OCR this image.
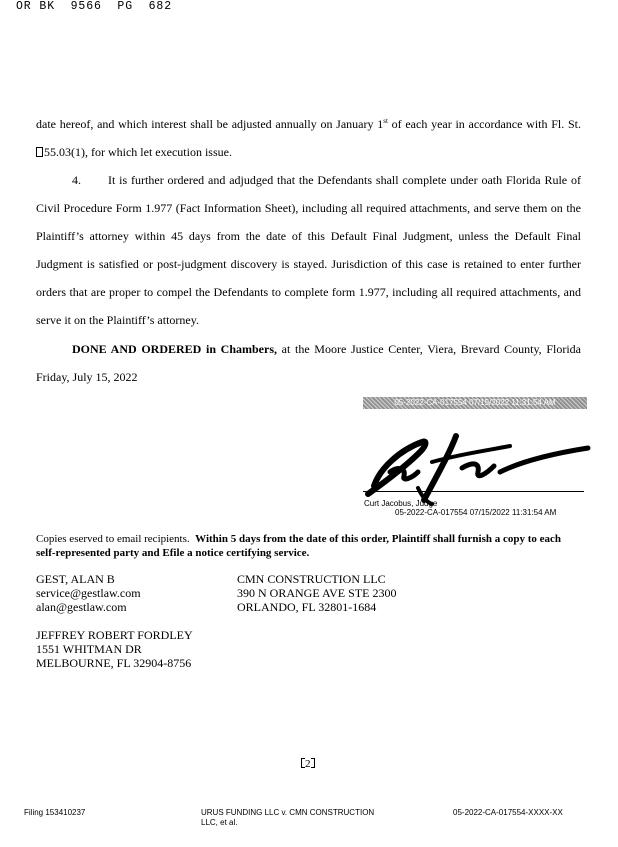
OR BK  9566  PG  682
date hereof, and which interest shall be adjusted annually on January 1st of each year in accordance with Fl. St.
55.03(1), for which let execution issue.
4. It is further ordered and adjudged that the Defendants shall complete under oath Florida Rule of
Civil Procedure Form 1.977 (Fact Information Sheet), including all required attachments, and serve them on the
Plaintiff’s attorney within 45 days from the date of this Default Final Judgment, unless the Default Final
Judgment is satisfied or post-judgment discovery is stayed. Jurisdiction of this case is retained to enter further
orders that are proper to compel the Defendants to complete form 1.977, including all required attachments, and
serve it on the Plaintiff’s attorney.
DONE AND ORDERED in Chambers, at the Moore Justice Center, Viera, Brevard County, Florida
Friday, July 15, 2022
05-2022-CA-017554 07/15/2022 11:31:54 AM
Curt Jacobus, Judge
05-2022-CA-017554 07/15/2022 11:31:54 AM
Copies eserved to email recipients. Within 5 days from the date of this order, Plaintiff shall furnish a copy to each self-represented party and Efile a notice certifying service.
GEST, ALAN B
service@gestlaw.com
alan@gestlaw.com
CMN CONSTRUCTION LLC
390 N ORANGE AVE STE 2300
ORLANDO, FL 32801-1684
JEFFREY ROBERT FORDLEY
1551 WHITMAN DR
MELBOURNE, FL 32904-8756
2
Filing 153410237	URUS FUNDING LLC v. CMN CONSTRUCTION
LLC, et al.
05-2022-CA-017554-XXXX-XX
